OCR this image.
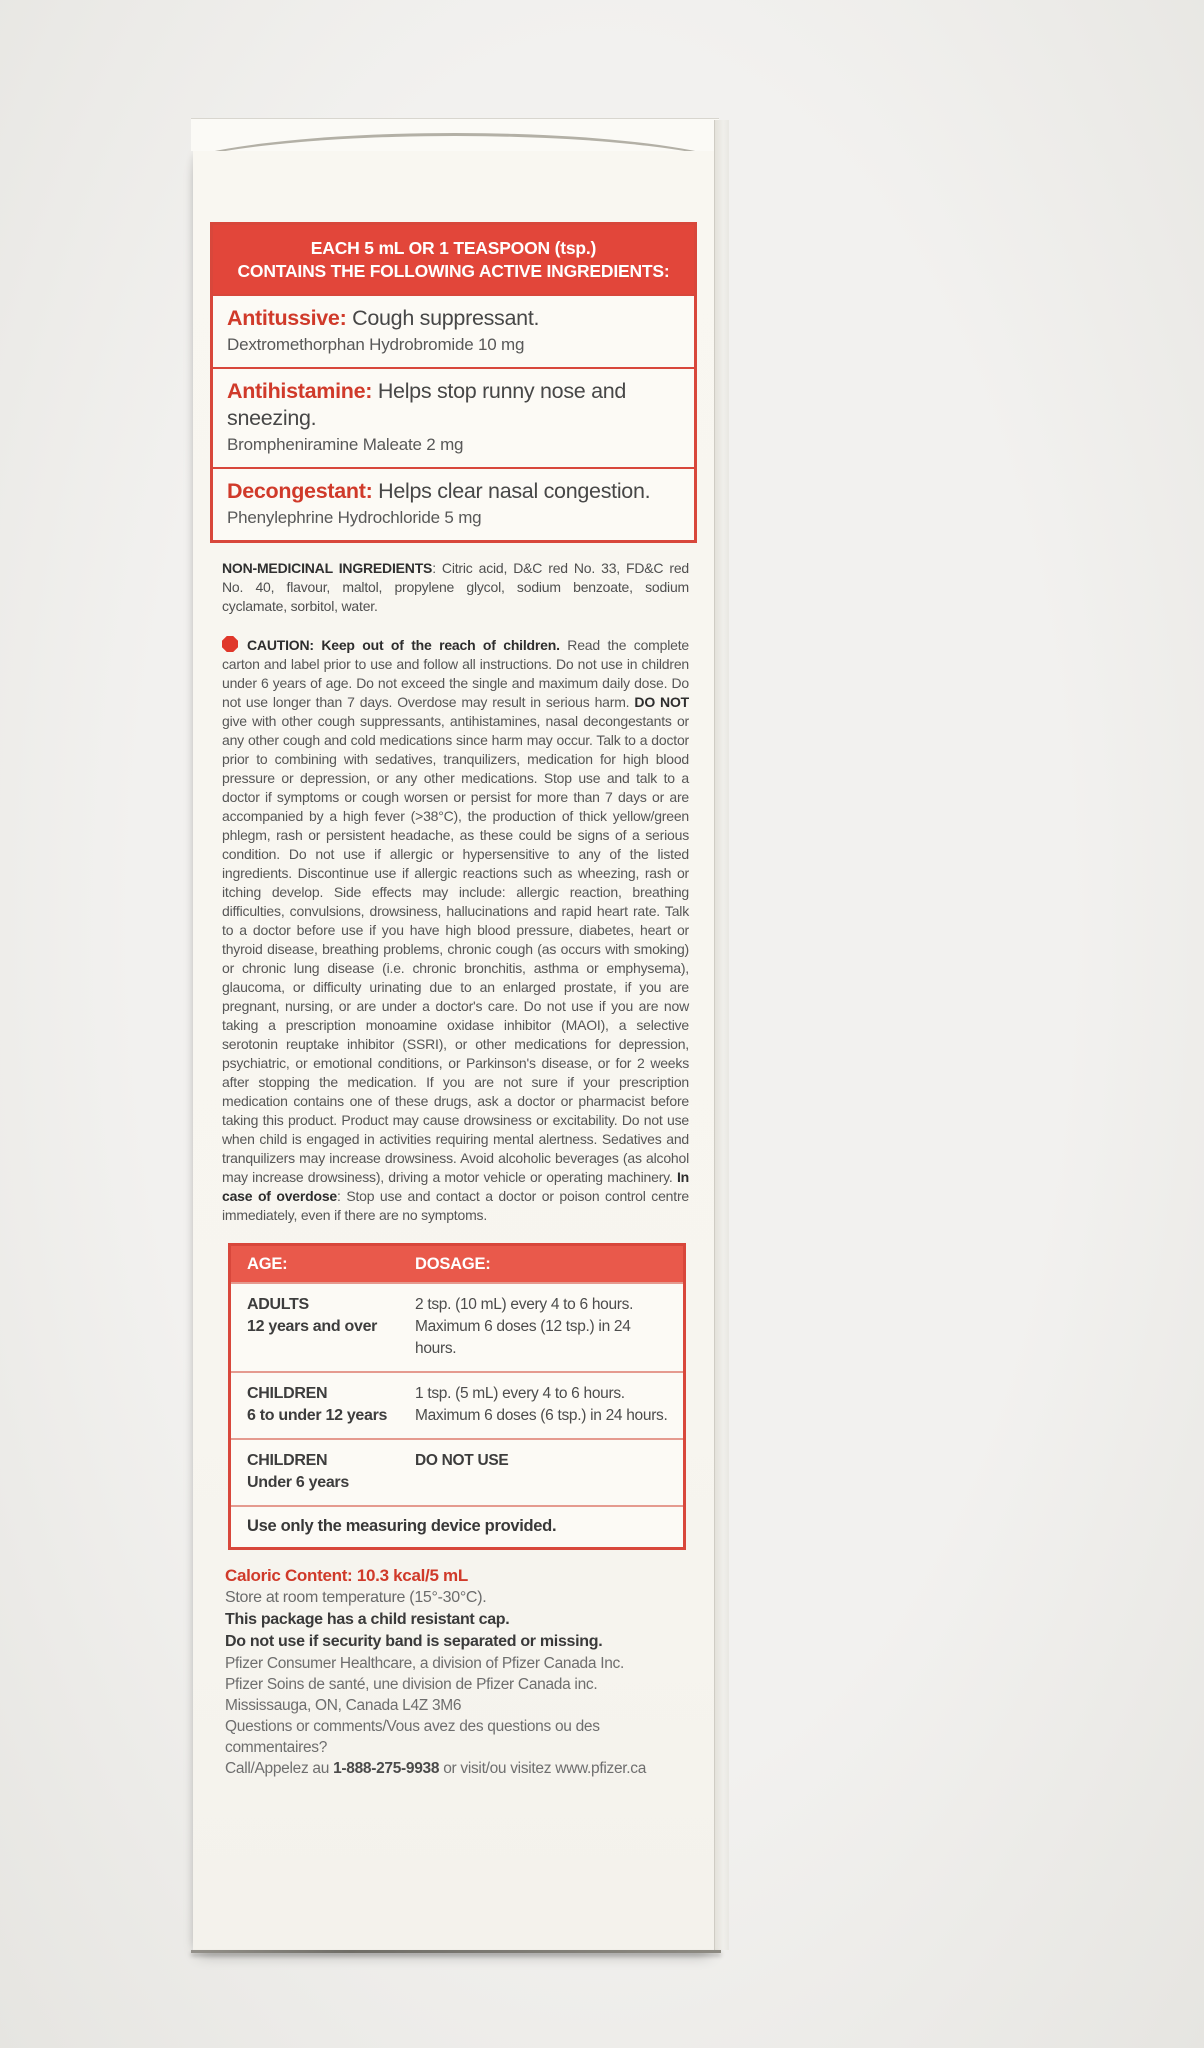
EACH 5 mL OR 1 TEASPOON (tsp.)
CONTAINS THE FOLLOWING ACTIVE INGREDIENTS:
Antitussive: Cough suppressant.
Dextromethorphan Hydrobromide 10 mg
Antihistamine: Helps stop runny nose and sneezing.
Brompheniramine Maleate 2 mg
Decongestant: Helps clear nasal congestion.
Phenylephrine Hydrochloride 5 mg

NON-MEDICINAL INGREDIENTS: Citric acid, D&C red No. 33, FD&C red No. 40, flavour, maltol, propylene glycol, sodium benzoate, sodium cyclamate, sorbitol, water.

CAUTION: Keep out of the reach of children. Read the complete carton and label prior to use and follow all instructions. Do not use in children under 6 years of age. Do not exceed the single and maximum daily dose. Do not use longer than 7 days. Overdose may result in serious harm. DO NOT give with other cough suppressants, antihistamines, nasal decongestants or any other cough and cold medications since harm may occur. Talk to a doctor prior to combining with sedatives, tranquilizers, medication for high blood pressure or depression, or any other medications. Stop use and talk to a doctor if symptoms or cough worsen or persist for more than 7 days or are accompanied by a high fever (>38°C), the production of thick yellow/green phlegm, rash or persistent headache, as these could be signs of a serious condition. Do not use if allergic or hypersensitive to any of the listed ingredients. Discontinue use if allergic reactions such as wheezing, rash or itching develop. Side effects may include: allergic reaction, breathing difficulties, convulsions, drowsiness, hallucinations and rapid heart rate. Talk to a doctor before use if you have high blood pressure, diabetes, heart or thyroid disease, breathing problems, chronic cough (as occurs with smoking) or chronic lung disease (i.e. chronic bronchitis, asthma or emphysema), glaucoma, or difficulty urinating due to an enlarged prostate, if you are pregnant, nursing, or are under a doctor's care. Do not use if you are now taking a prescription monoamine oxidase inhibitor (MAOI), a selective serotonin reuptake inhibitor (SSRI), or other medications for depression, psychiatric, or emotional conditions, or Parkinson's disease, or for 2 weeks after stopping the medication. If you are not sure if your prescription medication contains one of these drugs, ask a doctor or pharmacist before taking this product. Product may cause drowsiness or excitability. Do not use when child is engaged in activities requiring mental alertness. Sedatives and tranquilizers may increase drowsiness. Avoid alcoholic beverages (as alcohol may increase drowsiness), driving a motor vehicle or operating machinery. In case of overdose: Stop use and contact a doctor or poison control centre immediately, even if there are no symptoms.

AGE:	DOSAGE:
ADULTS
12 years and over
2 tsp. (10 mL) every 4 to 6 hours.
Maximum 6 doses (12 tsp.) in 24 hours.
CHILDREN
6 to under 12 years
1 tsp. (5 mL) every 4 to 6 hours.
Maximum 6 doses (6 tsp.) in 24 hours.
CHILDREN
Under 6 years
DO NOT USE
Use only the measuring device provided.
Caloric Content: 10.3 kcal/5 mL
Store at room temperature (15°-30°C).
This package has a child resistant cap.
Do not use if security band is separated or missing.
Pfizer Consumer Healthcare, a division of Pfizer Canada Inc.
Pfizer Soins de santé, une division de Pfizer Canada inc.
Mississauga, ON, Canada L4Z 3M6
Questions or comments/Vous avez des questions ou des commentaires?
Call/Appelez au 1-888-275-9938 or visit/ou visitez www.pfizer.ca
